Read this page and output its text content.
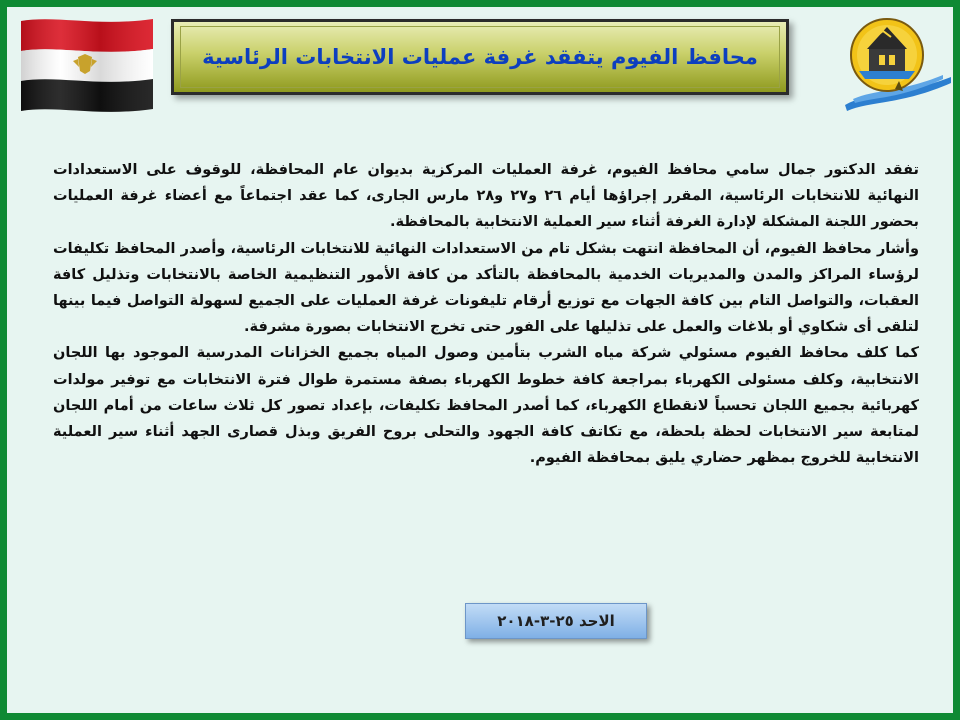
محافظ الفيوم يتفقد غرفة عمليات الانتخابات الرئاسية

تفقد الدكتور جمال سامي محافظ الفيوم، غرفة العمليات المركزية بديوان عام المحافظة، للوقوف على الاستعدادات النهائية للانتخابات الرئاسية، المقرر إجراؤها أيام ٢٦ و٢٧ و٢٨ مارس الجارى، كما عقد اجتماعاً مع أعضاء غرفة العمليات بحضور اللجنة المشكلة لإدارة الغرفة أثناء سير العملية الانتخابية بالمحافظة.

وأشار محافظ الفيوم، أن المحافظة انتهت بشكل تام من الاستعدادات النهائية للانتخابات الرئاسية، وأصدر المحافظ تكليفات لرؤساء المراكز والمدن والمديريات الخدمية بالمحافظة بالتأكد من كافة الأمور التنظيمية الخاصة بالانتخابات وتذليل كافة العقبات، والتواصل التام بين كافة الجهات مع توزيع أرقام تليفونات غرفة العمليات على الجميع لسهولة التواصل فيما بينها لتلقى أى شكاوي أو بلاغات والعمل على تذليلها على الفور حتى تخرج الانتخابات بصورة مشرفة.

كما كلف محافظ الفيوم مسئولي شركة مياه الشرب بتأمين وصول المياه بجميع الخزانات المدرسية الموجود بها اللجان الانتخابية، وكلف مسئولى الكهرباء بمراجعة كافة خطوط الكهرباء بصفة مستمرة طوال فترة الانتخابات مع توفير مولدات كهربائية بجميع اللجان تحسباً لانقطاع الكهرباء، كما أصدر المحافظ تكليفات، بإعداد تصور كل ثلاث ساعات من أمام اللجان لمتابعة سير الانتخابات لحظة بلحظة، مع تكاتف كافة الجهود والتحلى بروح الفريق وبذل قصارى الجهد أثناء سير العملية الانتخابية للخروج بمظهر حضاري يليق بمحافظة الفيوم.

الاحد ٢٥-٣-٢٠١٨
